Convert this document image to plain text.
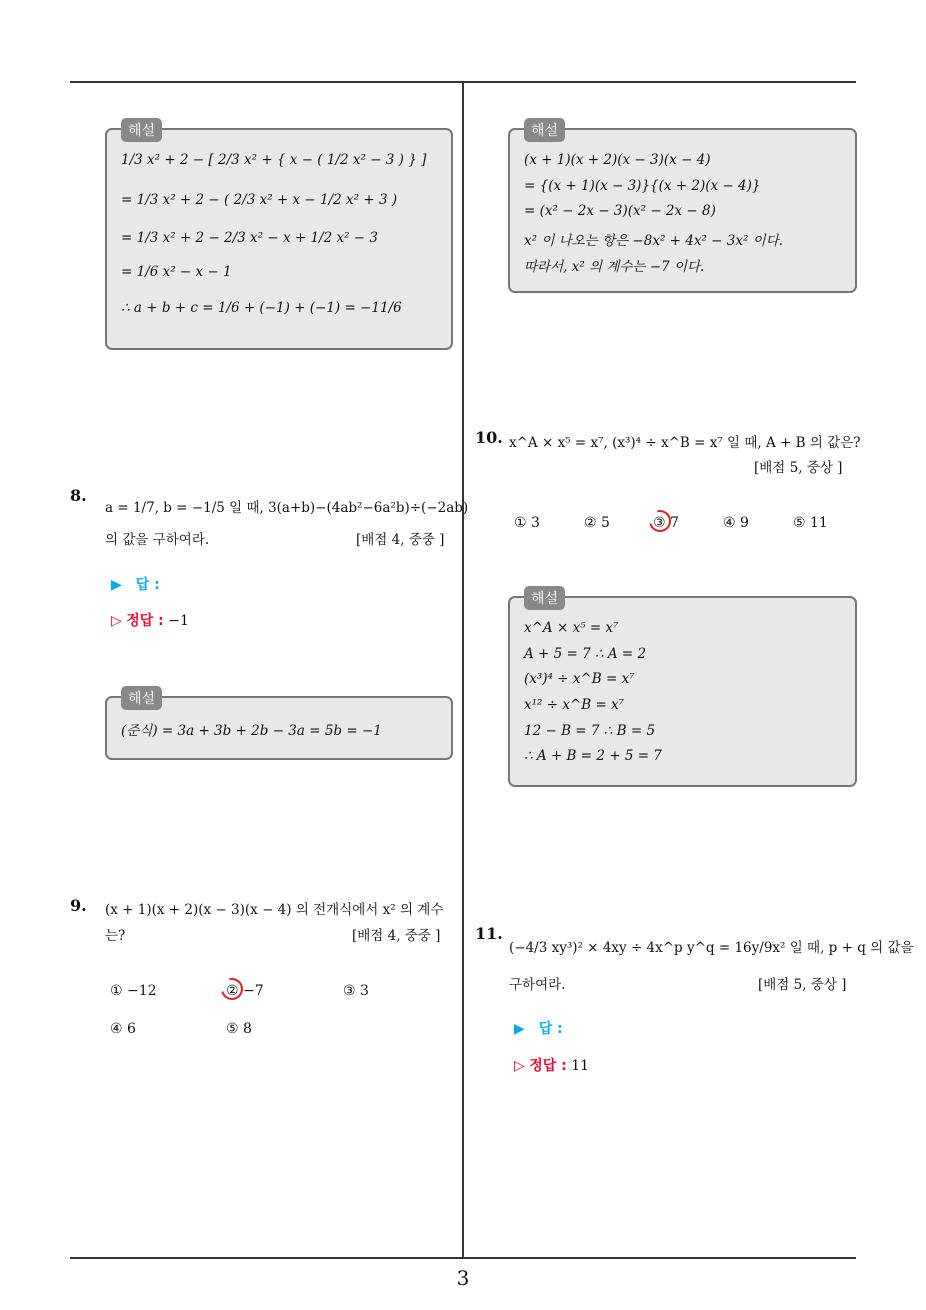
해설
1/3 x² + 2 − [ 2/3 x² + { x − ( 1/2 x² − 3 ) } ]
= 1/3 x² + 2 − ( 2/3 x² + x − 1/2 x² + 3 )
= 1/3 x² + 2 − 2/3 x² − x + 1/2 x² − 3
= 1/6 x² − x − 1
∴ a + b + c = 1/6 + (−1) + (−1) = −11/6
8.
a = 1/7, b = −1/5 일 때, 3(a+b)−(4ab²−6a²b)÷(−2ab)
의 값을 구하여라.	[배점 4, 중중 ]
▶ 답 :
▷ 정답 : −1
해설
(준식) = 3a + 3b + 2b − 3a = 5b = −1
9. (x + 1)(x + 2)(x − 3)(x − 4) 의 전개식에서 x² 의 계수
는?	[배점 4, 중중 ]
① −12	② −7	③ 3
④ 6	⑤ 8
해설
(x + 1)(x + 2)(x − 3)(x − 4)
= {(x + 1)(x − 3)}{(x + 2)(x − 4)}
= (x² − 2x − 3)(x² − 2x − 8)
x² 이 나오는 항은 −8x² + 4x² − 3x² 이다.
따라서, x² 의 계수는 −7 이다.
10. x^A × x⁵ = x⁷, (x³)⁴ ÷ x^B = x⁷ 일 때, A + B 의 값은?
[배점 5, 중상 ]
① 3	② 5	③ 7	④ 9	⑤ 11
해설
x^A × x⁵ = x⁷
A + 5 = 7 ∴ A = 2
(x³)⁴ ÷ x^B = x⁷
x¹² ÷ x^B = x⁷
12 − B = 7 ∴ B = 5
∴ A + B = 2 + 5 = 7
11.
(−4/3 xy³)² × 4xy ÷ 4x^p y^q = 16y/9x² 일 때, p + q 의 값을
구하여라.	[배점 5, 중상 ]
▶ 답 :
▷ 정답 : 11
3
